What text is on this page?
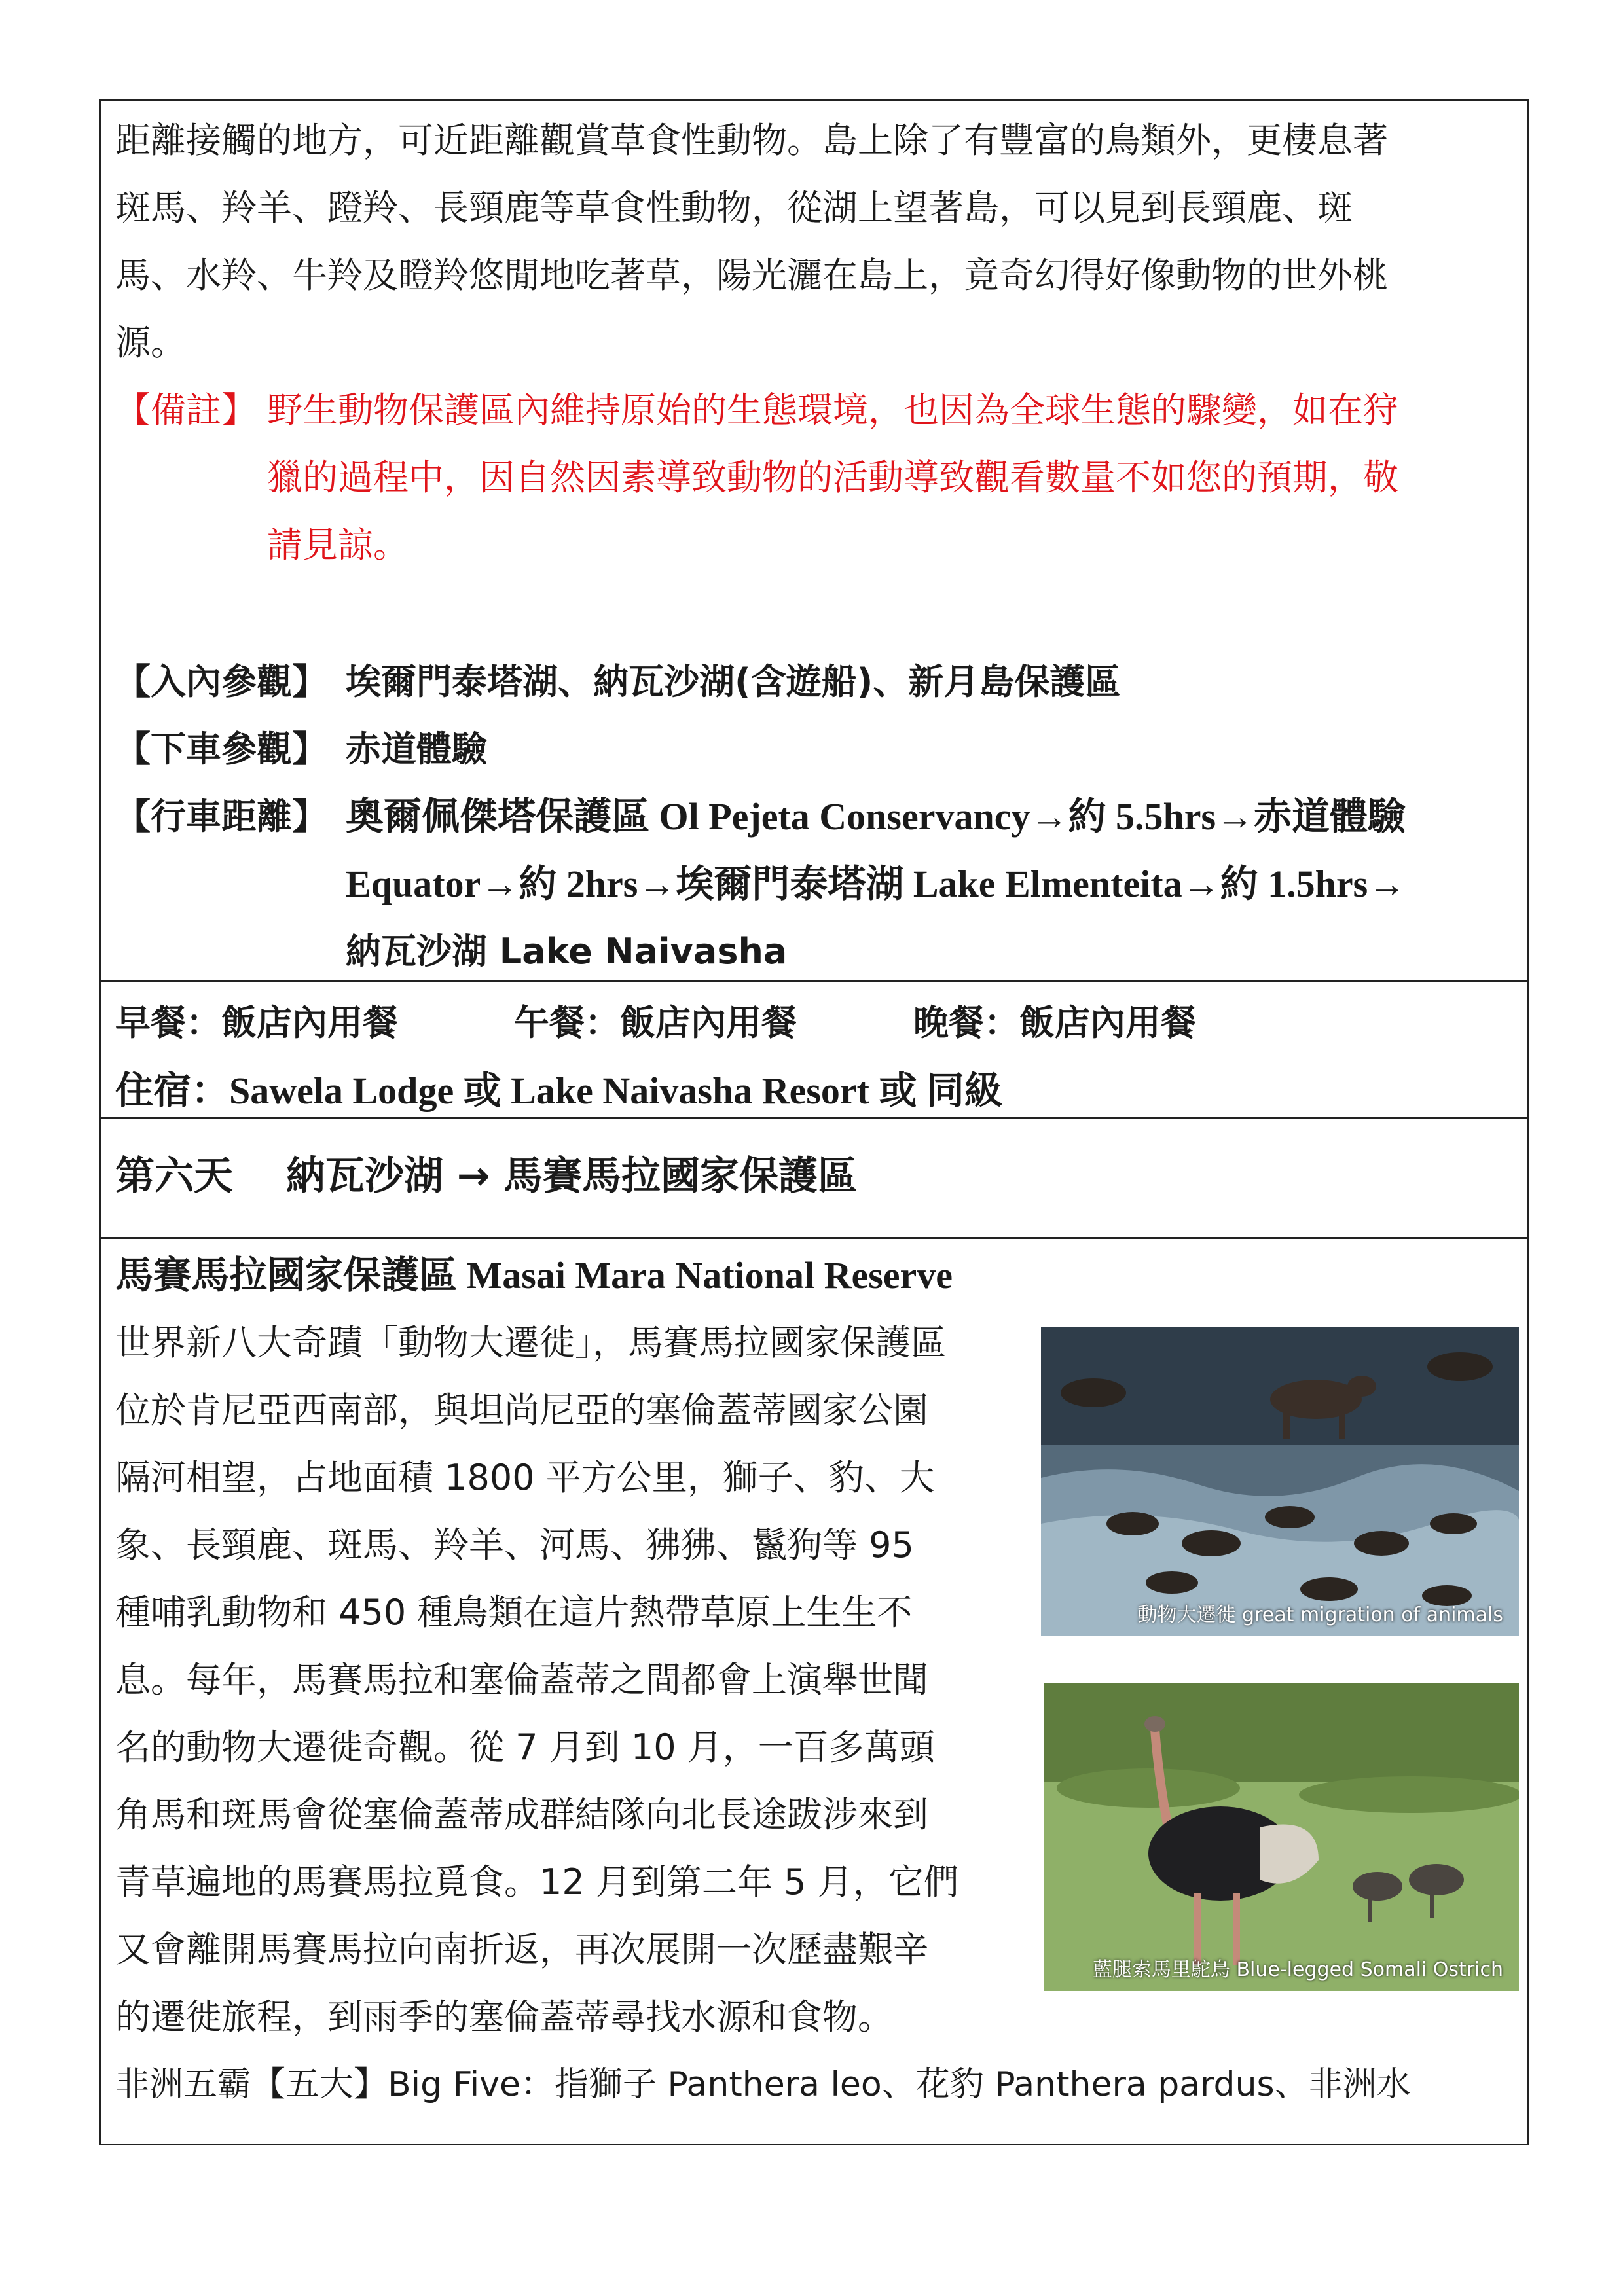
距離接觸的地方，可近距離觀賞草食性動物。島上除了有豐富的鳥類外，更棲息著
斑馬、羚羊、蹬羚、長頸鹿等草食性動物，從湖上望著島，可以見到長頸鹿、斑
馬、水羚、牛羚及瞪羚悠閒地吃著草，陽光灑在島上，竟奇幻得好像動物的世外桃
源。
【備註】 野生動物保護區內維持原始的生態環境，也因為全球生態的驟變，如在狩
獵的過程中，因自然因素導致動物的活動導致觀看數量不如您的預期，敬
請見諒。
【入內參觀】 埃爾門泰塔湖、納瓦沙湖(含遊船)、新月島保護區
【下車參觀】 赤道體驗
【行車距離】 奧爾佩傑塔保護區 Ol Pejeta Conservancy→約 5.5hrs→赤道體驗
Equator→約 2hrs→埃爾門泰塔湖 Lake Elmenteita→約 1.5hrs→
納瓦沙湖 Lake Naivasha
早餐：飯店內用餐	午餐：飯店內用餐	晚餐：飯店內用餐
住宿：Sawela Lodge 或 Lake Naivasha Resort 或 同級
第六天　 納瓦沙湖 → 馬賽馬拉國家保護區
馬賽馬拉國家保護區 Masai Mara National Reserve
世界新八大奇蹟「動物大遷徙」，馬賽馬拉國家保護區
位於肯尼亞西南部，與坦尚尼亞的塞倫蓋蒂國家公園
隔河相望，占地面積 1800 平方公里，獅子、豹、大
象、長頸鹿、斑馬、羚羊、河馬、狒狒、鬣狗等 95
種哺乳動物和 450 種鳥類在這片熱帶草原上生生不
息。每年，馬賽馬拉和塞倫蓋蒂之間都會上演舉世聞
名的動物大遷徙奇觀。從 7 月到 10 月，一百多萬頭
角馬和斑馬會從塞倫蓋蒂成群結隊向北長途跋涉來到
青草遍地的馬賽馬拉覓食。12 月到第二年 5 月，它們
又會離開馬賽馬拉向南折返，再次展開一次歷盡艱辛
的遷徙旅程，到雨季的塞倫蓋蒂尋找水源和食物。
非洲五霸【五大】Big Five：指獅子 Panthera leo、花豹 Panthera pardus、非洲水
動物大遷徙 great migration of animals
藍腿索馬里鴕鳥 Blue-legged Somali Ostrich
